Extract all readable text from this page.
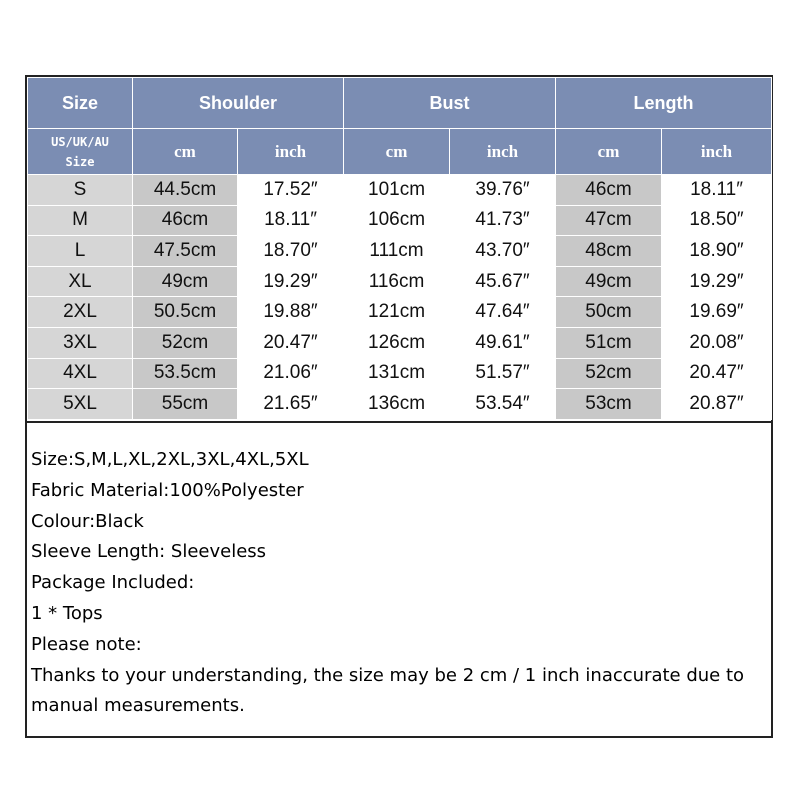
Size	Shoulder		Bust		Length	
US/UK/AU
Size	cm	inch	cm	inch	cm	inch
S	44.5cm	17.52″	101cm	39.76″	46cm	18.11″
M	46cm	18.11″	106cm	41.73″	47cm	18.50″
L	47.5cm	18.70″	111cm	43.70″	48cm	18.90″
XL	49cm	19.29″	116cm	45.67″	49cm	19.29″
2XL	50.5cm	19.88″	121cm	47.64″	50cm	19.69″
3XL	52cm	20.47″	126cm	49.61″	51cm	20.08″
4XL	53.5cm	21.06″	131cm	51.57″	52cm	20.47″
5XL	55cm	21.65″	136cm	53.54″	53cm	20.87″
Size:S,M,L,XL,2XL,3XL,4XL,5XL
Fabric Material:100%Polyester
Colour:Black
Sleeve Length: Sleeveless
Package Included:
1 * Tops
Please note:
Thanks to your understanding, the size may be 2 cm / 1 inch inaccurate due to manual measurements.
